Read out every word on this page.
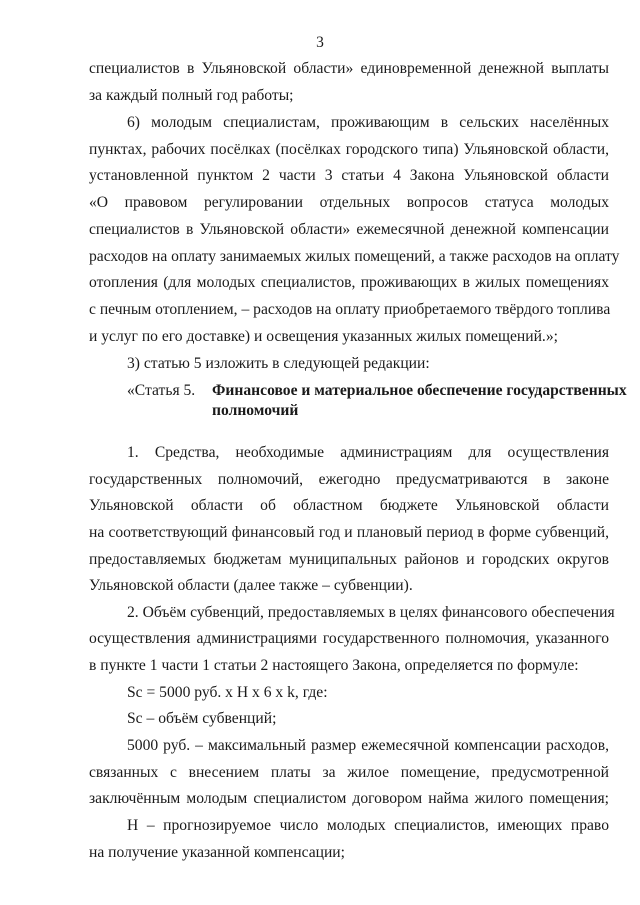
3
специалистов в Ульяновской области» единовременной денежной выплаты
за каждый полный год работы;
6) молодым специалистам, проживающим в сельских населённых
пунктах, рабочих посёлках (посёлках городского типа) Ульяновской области,
установленной пунктом 2 части 3 статьи 4 Закона Ульяновской области
«О правовом регулировании отдельных вопросов статуса молодых
специалистов в Ульяновской области» ежемесячной денежной компенсации
расходов на оплату занимаемых жилых помещений, а также расходов на оплату
отопления (для молодых специалистов, проживающих в жилых помещениях
с печным отоплением, – расходов на оплату приобретаемого твёрдого топлива
и услуг по его доставке) и освещения указанных жилых помещений.»;
3) статью 5 изложить в следующей редакции:
«Статья 5. Финансовое и материальное обеспечение государственных
полномочий
1. Средства, необходимые администрациям для осуществления
государственных полномочий, ежегодно предусматриваются в законе
Ульяновской области об областном бюджете Ульяновской области
на соответствующий финансовый год и плановый период в форме субвенций,
предоставляемых бюджетам муниципальных районов и городских округов
Ульяновской области (далее также – субвенции).
2. Объём субвенций, предоставляемых в целях финансового обеспечения
осуществления администрациями государственного полномочия, указанного
в пункте 1 части 1 статьи 2 настоящего Закона, определяется по формуле:
Sc = 5000 руб. x Н x 6 x k, где:
Sc – объём субвенций;
5000 руб. – максимальный размер ежемесячной компенсации расходов,
связанных с внесением платы за жилое помещение, предусмотренной
заключённым молодым специалистом договором найма жилого помещения;
Н – прогнозируемое число молодых специалистов, имеющих право
на получение указанной компенсации;
